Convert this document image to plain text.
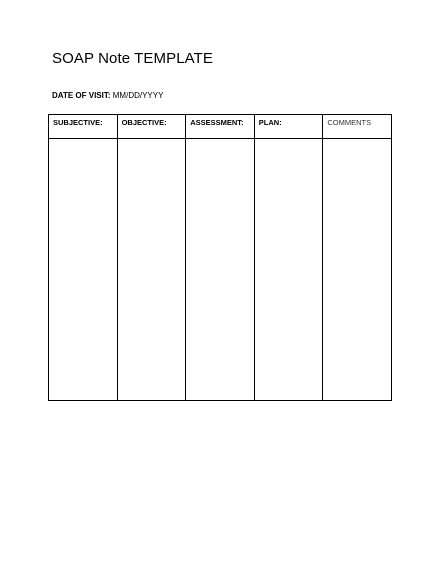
SOAP Note TEMPLATE
DATE OF VISIT: MM/DD/YYYY
SUBJECTIVE:	OBJECTIVE:	ASSESSMENT:	PLAN:	COMMENTS
